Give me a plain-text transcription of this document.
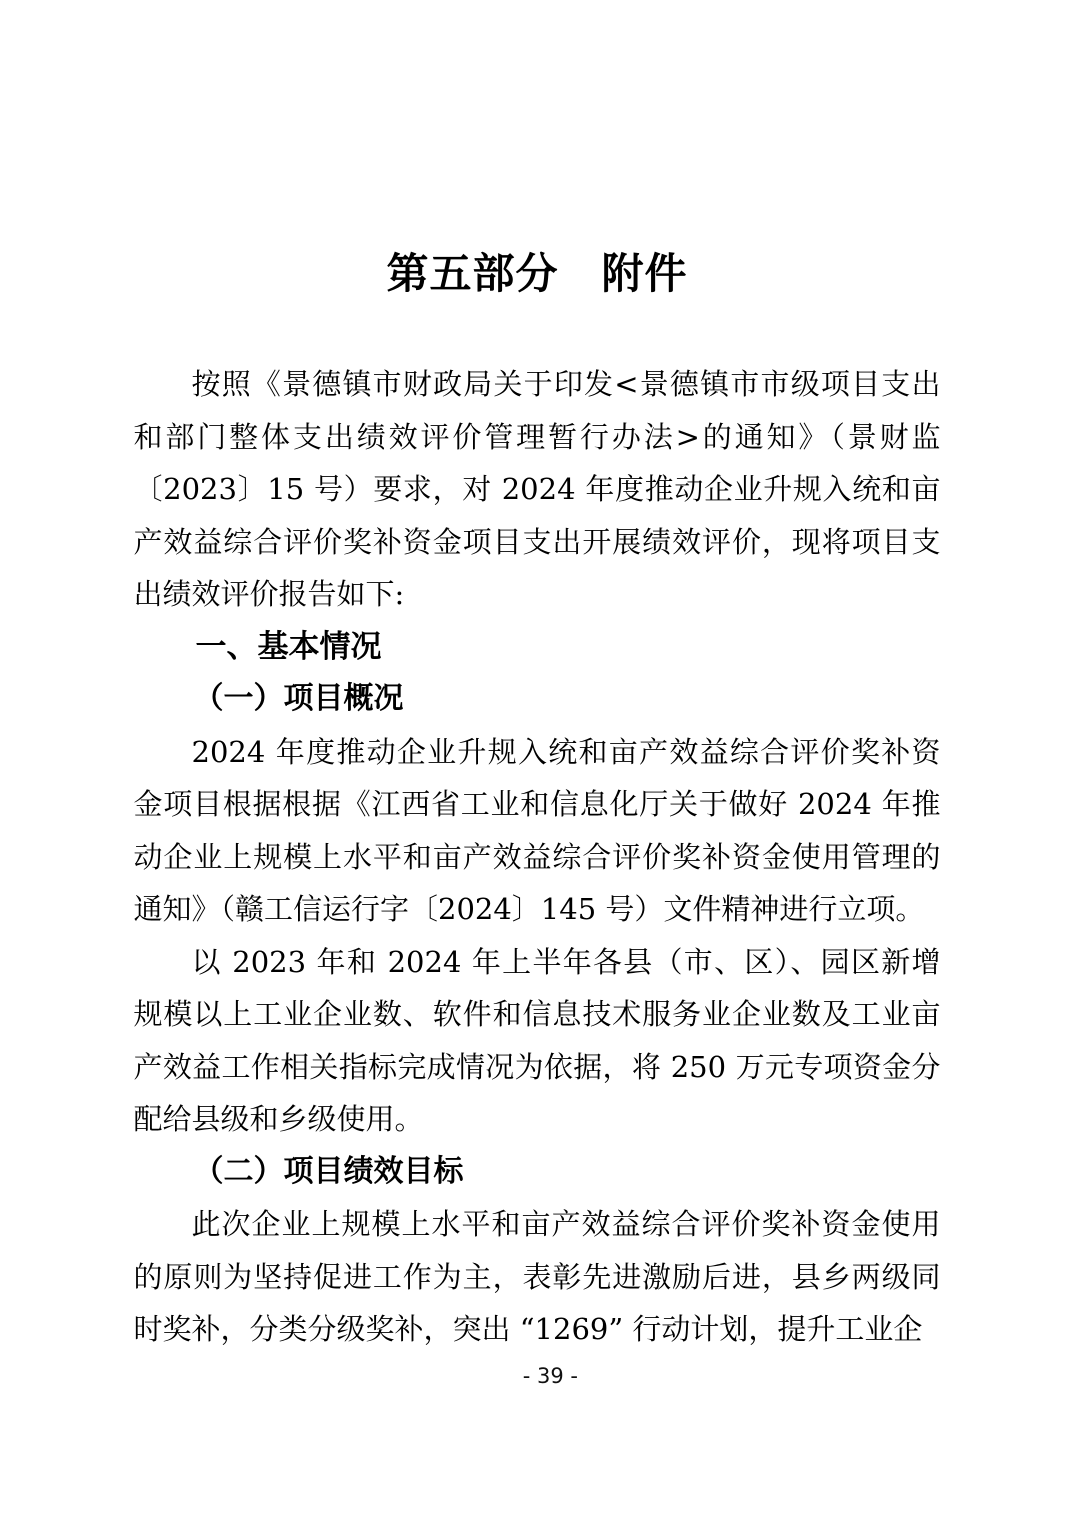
第五部分　附件

按照《景德镇市财政局关于印发<景德镇市市级项目支出和部门整体支出绩效评价管理暂行办法>的通知》（景财监〔2023〕15 号）要求，对 2024 年度推动企业升规入统和亩产效益综合评价奖补资金项目支出开展绩效评价，现将项目支出绩效评价报告如下:

一、基本情况

（一）项目概况

2024 年度推动企业升规入统和亩产效益综合评价奖补资金项目根据根据《江西省工业和信息化厅关于做好 2024 年推动企业上规模上水平和亩产效益综合评价奖补资金使用管理的通知》（赣工信运行字〔2024〕145 号）文件精神进行立项。

以 2023 年和 2024 年上半年各县（市、区）、园区新增规模以上工业企业数、软件和信息技术服务业企业数及工业亩产效益工作相关指标完成情况为依据，将 250 万元专项资金分配给县级和乡级使用。

（二）项目绩效目标

此次企业上规模上水平和亩产效益综合评价奖补资金使用的原则为坚持促进工作为主，表彰先进激励后进，县乡两级同时奖补，分类分级奖补，突出 “1269” 行动计划，提升工业企

- 39 -
